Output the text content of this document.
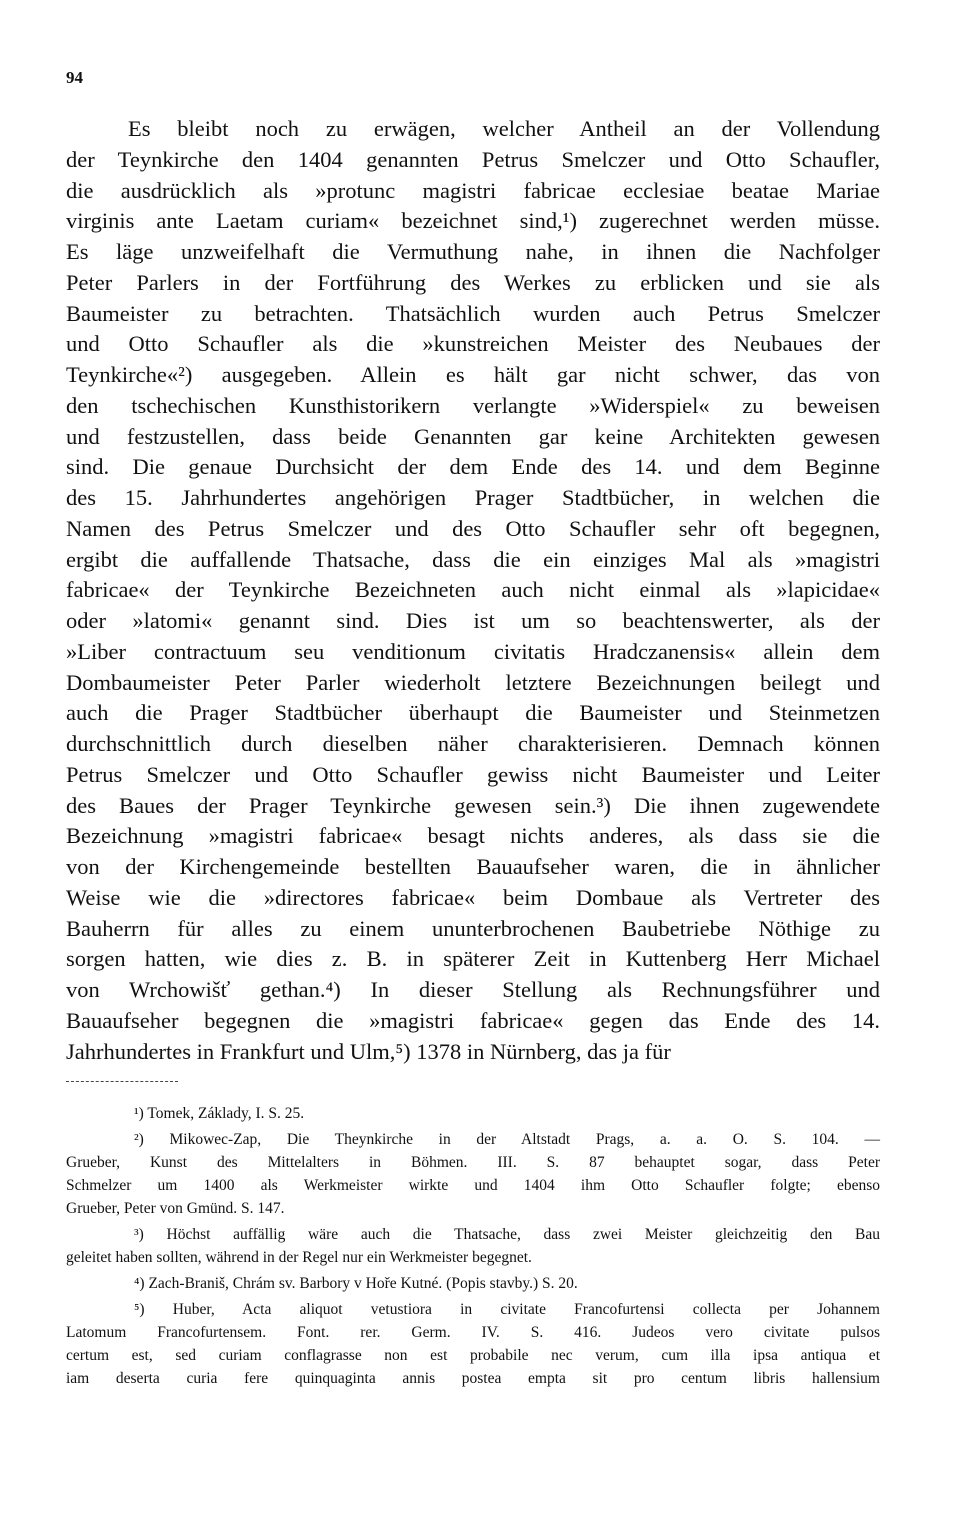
94
Es bleibt noch zu erwägen, welcher Antheil an der Vollendung
der Teynkirche den 1404 genannten Petrus Smelczer und Otto Schaufler,
die ausdrücklich als »protunc magistri fabricae ecclesiae beatae Mariae
virginis ante Laetam curiam« bezeichnet sind,¹) zugerechnet werden müsse.
Es läge unzweifelhaft die Vermuthung nahe, in ihnen die Nachfolger
Peter Parlers in der Fortführung des Werkes zu erblicken und sie als
Baumeister zu betrachten. Thatsächlich wurden auch Petrus Smelczer
und Otto Schaufler als die »kunstreichen Meister des Neubaues der
Teynkirche«²) ausgegeben. Allein es hält gar nicht schwer, das von
den tschechischen Kunsthistorikern verlangte »Widerspiel« zu beweisen
und festzustellen, dass beide Genannten gar keine Architekten gewesen
sind. Die genaue Durchsicht der dem Ende des 14. und dem Beginne
des 15. Jahrhundertes angehörigen Prager Stadtbücher, in welchen die
Namen des Petrus Smelczer und des Otto Schaufler sehr oft begegnen,
ergibt die auffallende Thatsache, dass die ein einziges Mal als »magistri
fabricae« der Teynkirche Bezeichneten auch nicht einmal als »lapicidae«
oder »latomi« genannt sind. Dies ist um so beachtenswerter, als der
»Liber contractuum seu venditionum civitatis Hradczanensis« allein dem
Dombaumeister Peter Parler wiederholt letztere Bezeichnungen beilegt und
auch die Prager Stadtbücher überhaupt die Baumeister und Steinmetzen
durchschnittlich durch dieselben näher charakterisieren. Demnach können
Petrus Smelczer und Otto Schaufler gewiss nicht Baumeister und Leiter
des Baues der Prager Teynkirche gewesen sein.³) Die ihnen zugewendete
Bezeichnung »magistri fabricae« besagt nichts anderes, als dass sie die
von der Kirchengemeinde bestellten Bauaufseher waren, die in ähnlicher
Weise wie die »directores fabricae« beim Dombaue als Vertreter des
Bauherrn für alles zu einem ununterbrochenen Baubetriebe Nöthige zu
sorgen hatten, wie dies z. B. in späterer Zeit in Kuttenberg Herr Michael
von Wrchowišť gethan.⁴) In dieser Stellung als Rechnungsführer und
Bauaufseher begegnen die »magistri fabricae« gegen das Ende des 14.
Jahrhundertes in Frankfurt und Ulm,⁵) 1378 in Nürnberg, das ja für
¹) Tomek, Základy, I. S. 25.
²) Mikowec-Zap, Die Theynkirche in der Altstadt Prags, a. a. O. S. 104. —
Grueber, Kunst des Mittelalters in Böhmen. III. S. 87 behauptet sogar, dass Peter
Schmelzer um 1400 als Werkmeister wirkte und 1404 ihm Otto Schaufler folgte; ebenso
Grueber, Peter von Gmünd. S. 147.
³) Höchst auffällig wäre auch die Thatsache, dass zwei Meister gleichzeitig den Bau
geleitet haben sollten, während in der Regel nur ein Werkmeister begegnet.
⁴) Zach-Braniš, Chrám sv. Barbory v Hoře Kutné. (Popis stavby.) S. 20.
⁵) Huber, Acta aliquot vetustiora in civitate Francofurtensi collecta per Johannem
Latomum Francofurtensem. Font. rer. Germ. IV. S. 416. Judeos vero civitate pulsos
certum est, sed curiam conflagrasse non est probabile nec verum, cum illa ipsa antiqua et
iam deserta curia fere quinquaginta annis postea empta sit pro centum libris hallensium
